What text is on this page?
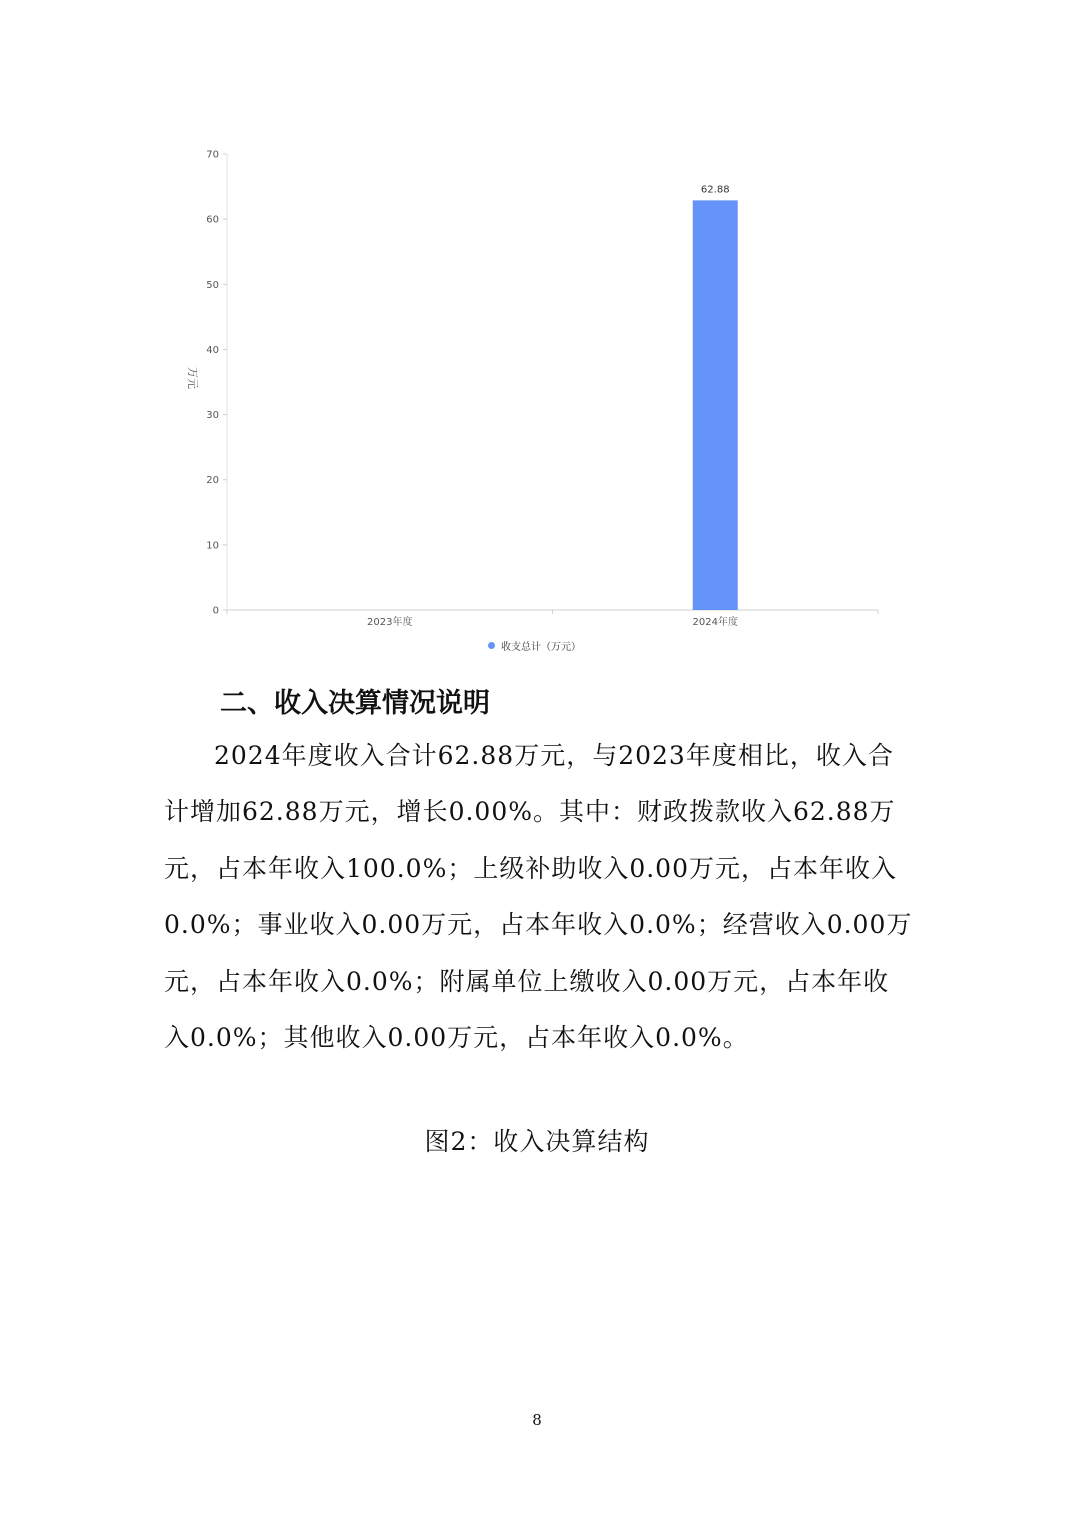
0
10
20
30
40
50
60
70
62.88
2023年度	2024年度
万元
收支总计（万元）
二、收入决算情况说明

2024年度收入合计62.88万元，与2023年度相比，收入合计增加62.88万元，增长0.00%。其中：财政拨款收入62.88万元，占本年收入100.0%；上级补助收入0.00万元，占本年收入0.0%；事业收入0.00万元，占本年收入0.0%；经营收入0.00万元，占本年收入0.0%；附属单位上缴收入0.00万元，占本年收入0.0%；其他收入0.00万元，占本年收入0.0%。

图2：收入决算结构

8
